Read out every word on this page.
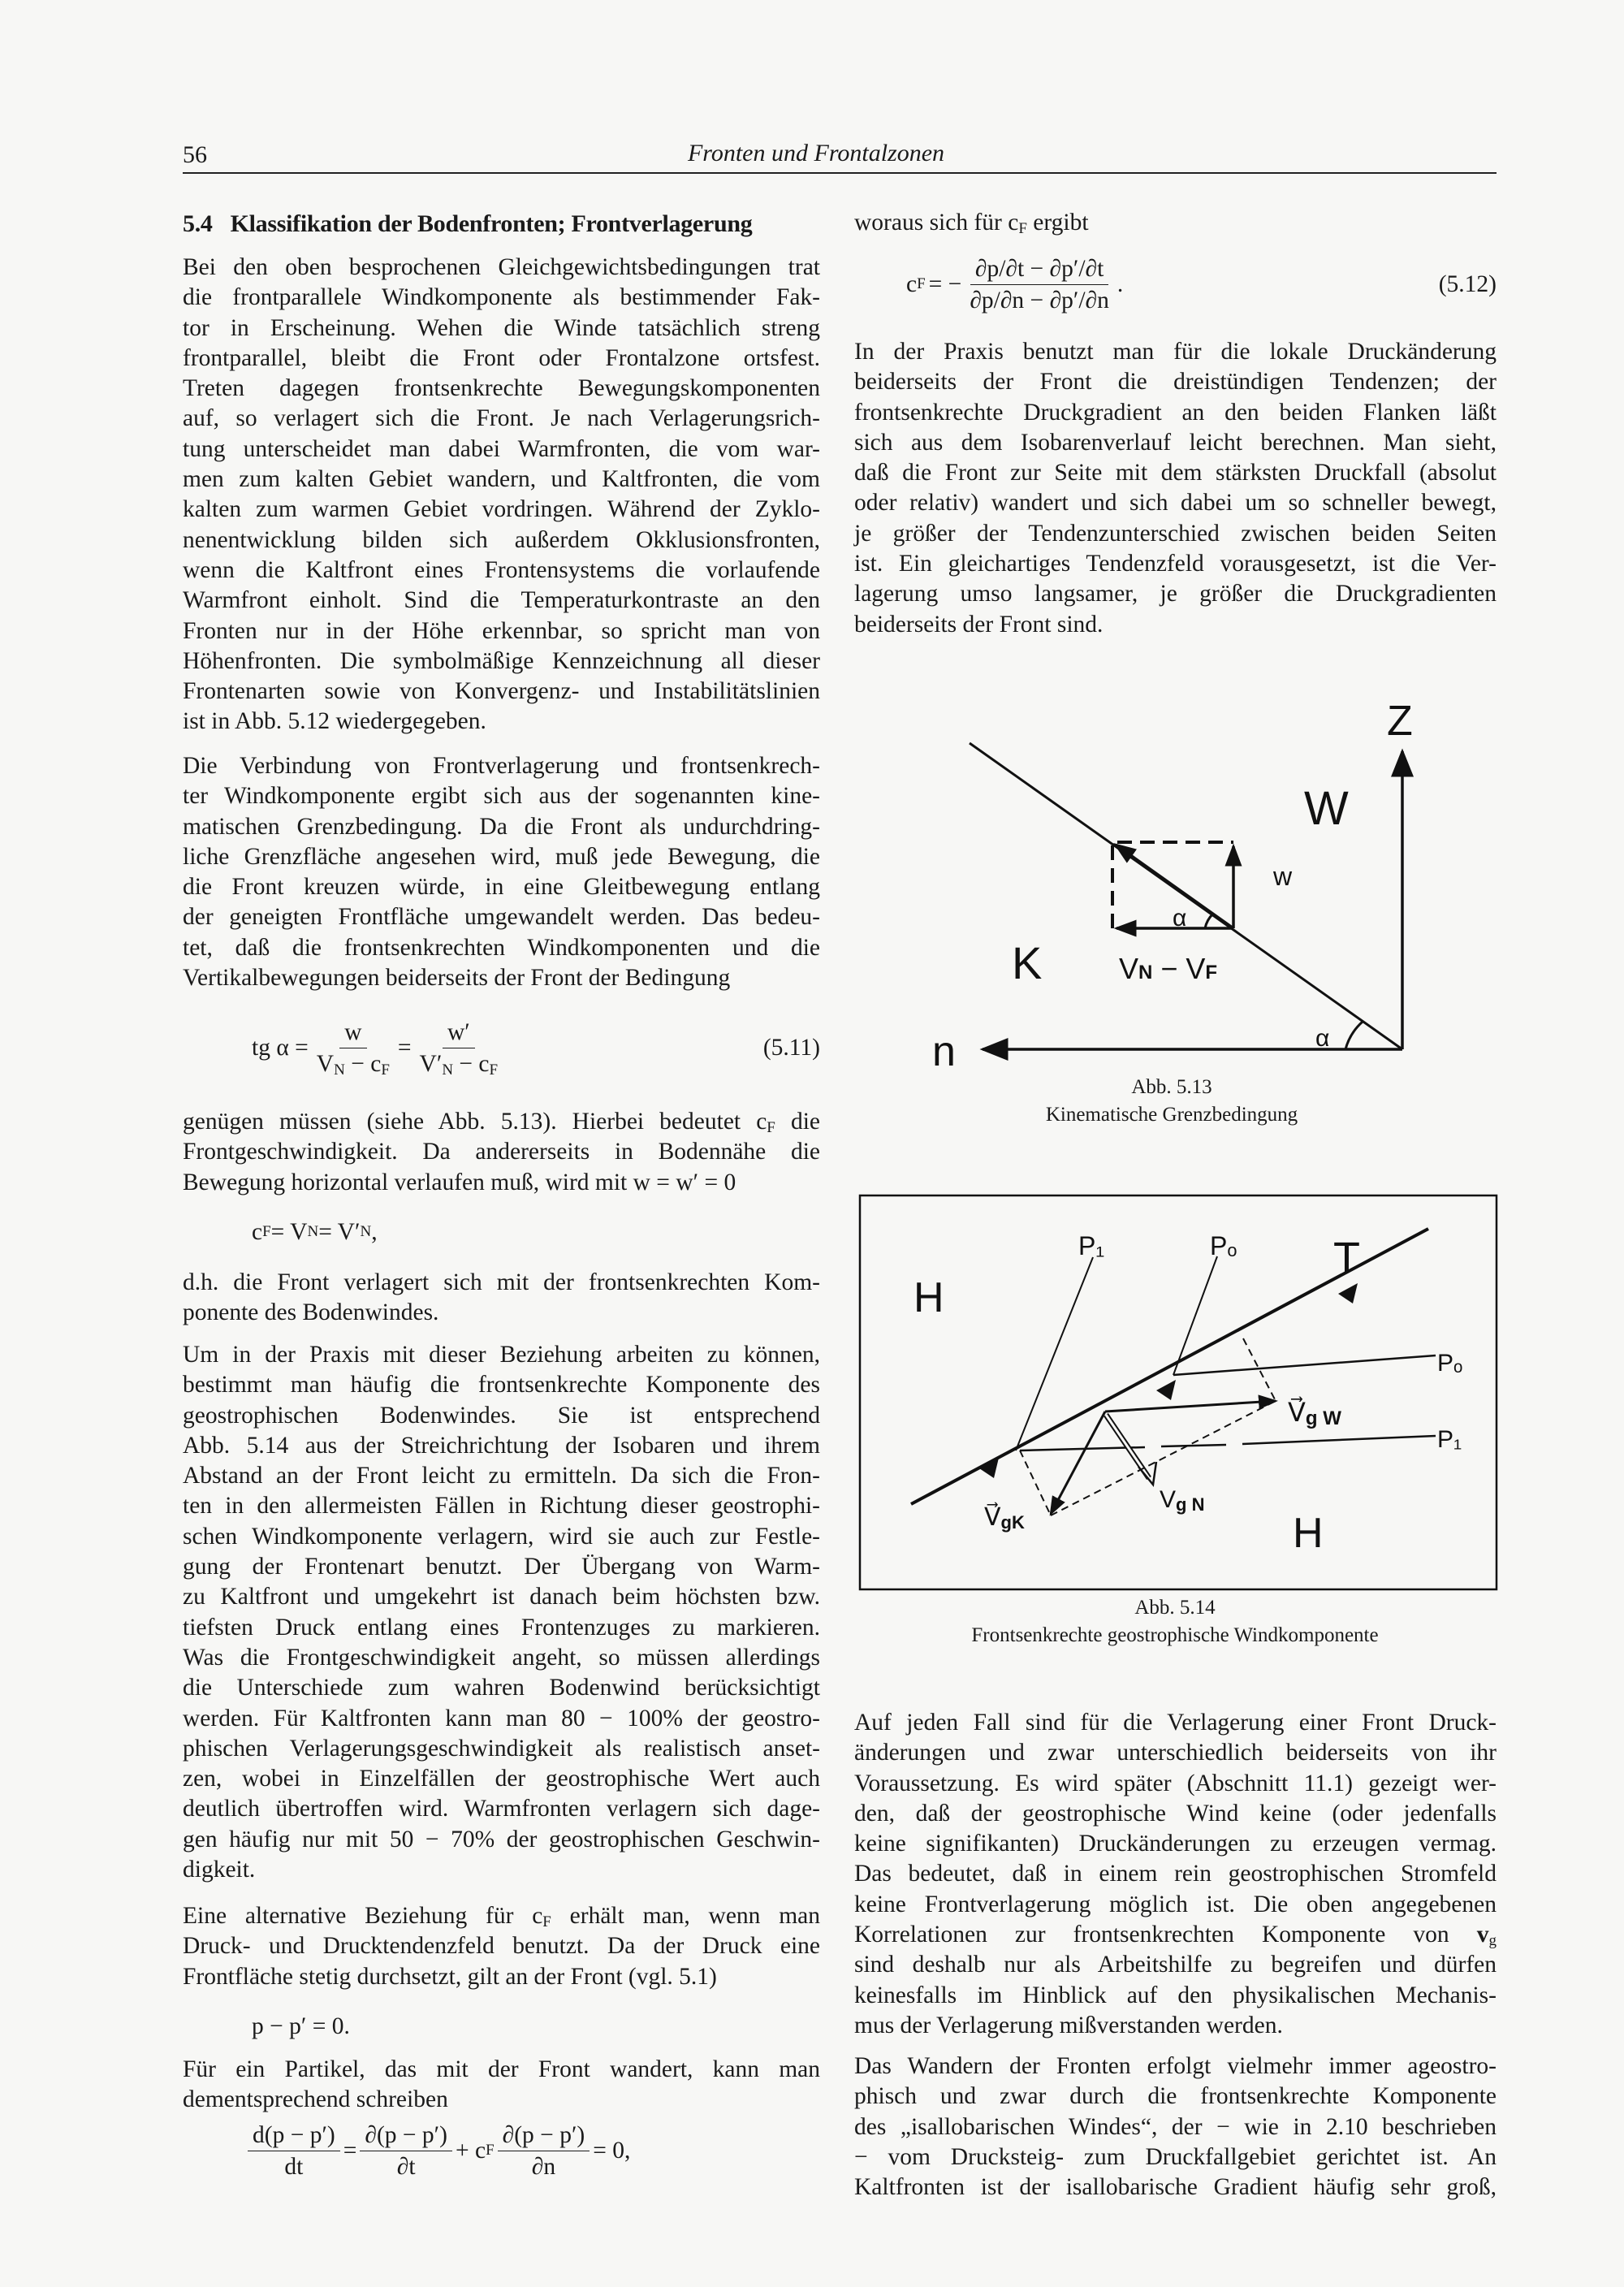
56	Fronten und Frontalzonen
5.4 Klassifikation der Bodenfronten; Frontverlagerung
Bei den oben besprochenen Gleichgewichtsbedingungen trat
die frontparallele Windkomponente als bestimmender Fak-
tor in Erscheinung. Wehen die Winde tatsächlich streng
frontparallel, bleibt die Front oder Frontalzone ortsfest.
Treten dagegen frontsenkrechte Bewegungskomponenten
auf, so verlagert sich die Front. Je nach Verlagerungsrich-
tung unterscheidet man dabei Warmfronten, die vom war-
men zum kalten Gebiet wandern, und Kaltfronten, die vom
kalten zum warmen Gebiet vordringen. Während der Zyklo-
nenentwicklung bilden sich außerdem Okklusionsfronten,
wenn die Kaltfront eines Frontensystems die vorlaufende
Warmfront einholt. Sind die Temperaturkontraste an den
Fronten nur in der Höhe erkennbar, so spricht man von
Höhenfronten. Die symbolmäßige Kennzeichnung all dieser
Frontenarten sowie von Konvergenz- und Instabilitätslinien
ist in Abb. 5.12 wiedergegeben.
Die Verbindung von Frontverlagerung und frontsenkrech-
ter Windkomponente ergibt sich aus der sogenannten kine-
matischen Grenzbedingung. Da die Front als undurchdring-
liche Grenzfläche angesehen wird, muß jede Bewegung, die
die Front kreuzen würde, in eine Gleitbewegung entlang
der geneigten Frontfläche umgewandelt werden. Das bedeu-
tet, daß die frontsenkrechten Windkomponenten und die
Vertikalbewegungen beiderseits der Front der Bedingung
tg $\alpha = \frac{w}{V_N - c_F} = \frac{w'}{V'_N - c_F}$	(5.11)
genügen müssen (siehe Abb. 5.13). Hierbei bedeutet $c_F$ die
Frontgeschwindigkeit. Da andererseits in Bodennähe die
Bewegung horizontal verlaufen muß, wird mit w = w′ = 0
c F = V N = V′ N ,
d.h. die Front verlagert sich mit der frontsenkrechten Kom-
ponente des Bodenwindes.
Um in der Praxis mit dieser Beziehung arbeiten zu können,
bestimmt man häufig die frontsenkrechte Komponente des
geostrophischen Bodenwindes. Sie ist entsprechend
Abb. 5.14 aus der Streichrichtung der Isobaren und ihrem
Abstand an der Front leicht zu ermitteln. Da sich die Fron-
ten in den allermeisten Fällen in Richtung dieser geostrophi-
schen Windkomponente verlagern, wird sie auch zur Festle-
gung der Frontenart benutzt. Der Übergang von Warm-
zu Kaltfront und umgekehrt ist danach beim höchsten bzw.
tiefsten Druck entlang eines Frontenzuges zu markieren.
Was die Frontgeschwindigkeit angeht, so müssen allerdings
die Unterschiede zum wahren Bodenwind berücksichtigt
werden. Für Kaltfronten kann man 80 − 100% der geostro-
phischen Verlagerungsgeschwindigkeit als realistisch anset-
zen, wobei in Einzelfällen der geostrophische Wert auch
deutlich übertroffen wird. Warmfronten verlagern sich dage-
gen häufig nur mit 50 − 70% der geostrophischen Geschwin-
digkeit.
Eine alternative Beziehung für $c_F$ erhält man, wenn man
Druck- und Drucktendenzfeld benutzt. Da der Druck eine
Frontfläche stetig durchsetzt, gilt an der Front (vgl. 5.1)
p − p′ = 0.
Für ein Partikel, das mit der Front wandert, kann man
dementsprechend schreiben
$\frac{d(p - p')}{dt} = \frac{\partial(p - p')}{\partial t} + c$ F $\frac{\partial(p - p')}{\partial n} = 0$,
woraus sich für $c_F$ ergibt
c F = − $\frac{\partial p/\partial t - \partial p'/\partial t}{\partial p/\partial n - \partial p'/\partial n}$ .	(5.12)
In der Praxis benutzt man für die lokale Druckänderung
beiderseits der Front die dreistündigen Tendenzen; der
frontsenkrechte Druckgradient an den beiden Flanken läßt
sich aus dem Isobarenverlauf leicht berechnen. Man sieht,
daß die Front zur Seite mit dem stärksten Druckfall (absolut
oder relativ) wandert und sich dabei um so schneller bewegt,
je größer der Tendenzunterschied zwischen beiden Seiten
ist. Ein gleichartiges Tendenzfeld vorausgesetzt, ist die Ver-
lagerung umso langsamer, je größer die Druckgradienten
beiderseits der Front sind.
Z
n
W
w
K
α
α
VN − VF
H
H
T
P₁	Pₒ
Pₒ
P₁
V⃗g W
V⃗gK
Vg N
Abb. 5.13
Kinematische Grenzbedingung
Abb. 5.14
Frontsenkrechte geostrophische Windkomponente
Auf jeden Fall sind für die Verlagerung einer Front Druck-
änderungen und zwar unterschiedlich beiderseits von ihr
Voraussetzung. Es wird später (Abschnitt 11.1) gezeigt wer-
den, daß der geostrophische Wind keine (oder jedenfalls
keine signifikanten) Druckänderungen zu erzeugen vermag.
Das bedeutet, daß in einem rein geostrophischen Stromfeld
keine Frontverlagerung möglich ist. Die oben angegebenen
Korrelationen zur frontsenkrechten Komponente von $v_g$
sind deshalb nur als Arbeitshilfe zu begreifen und dürfen
keinesfalls im Hinblick auf den physikalischen Mechanis-
mus der Verlagerung mißverstanden werden.
Das Wandern der Fronten erfolgt vielmehr immer ageostro-
phisch und zwar durch die frontsenkrechte Komponente
des „isallobarischen Windes“, der − wie in 2.10 beschrieben
− vom Drucksteig- zum Druckfallgebiet gerichtet ist. An
Kaltfronten ist der isallobarische Gradient häufig sehr groß,
